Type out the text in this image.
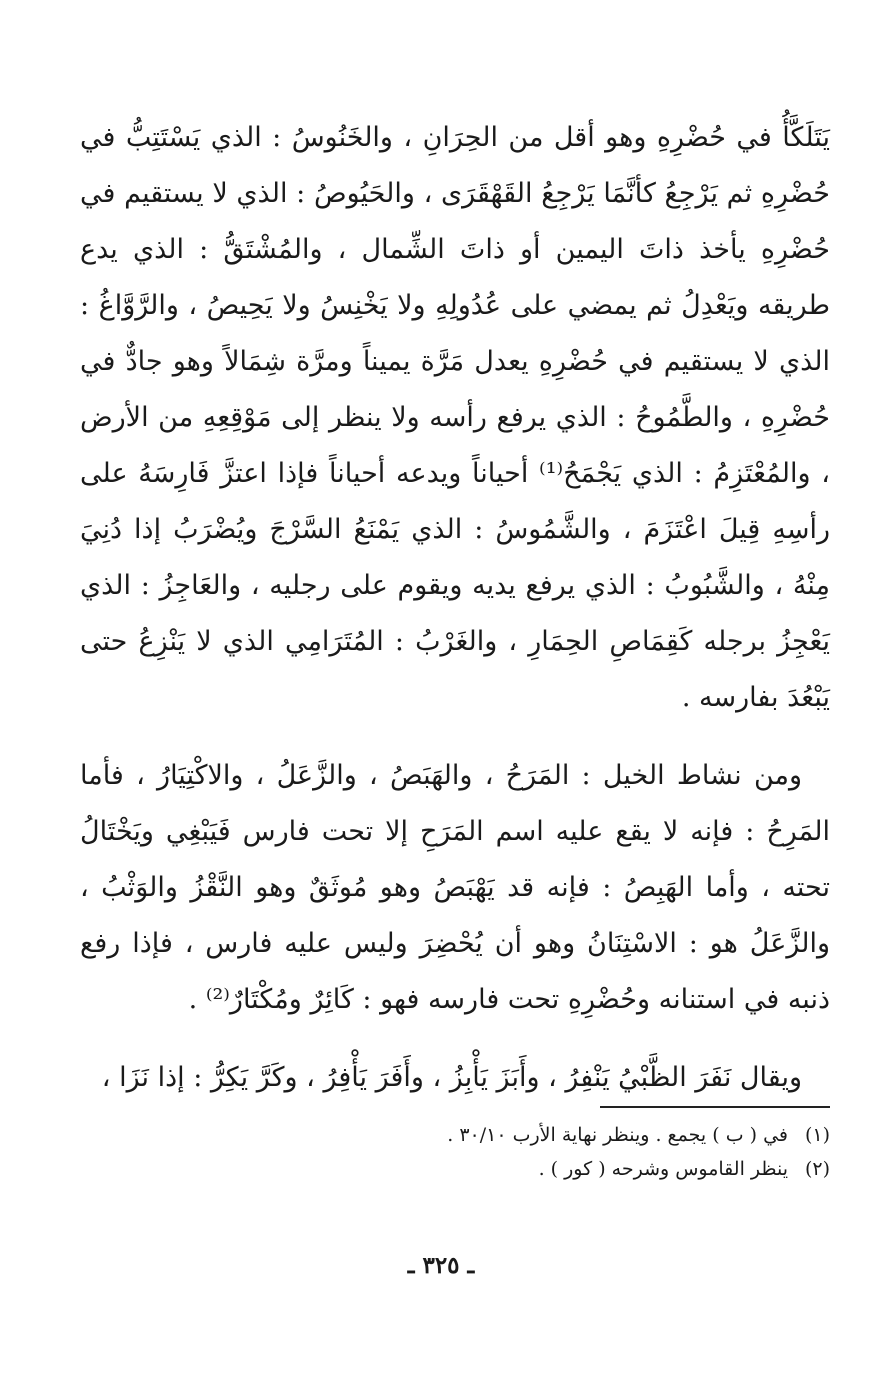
يَتَلَكَّأُ في حُضْرِهِ وهو أقل من الحِرَانِ ، والخَنُوسُ : الذي يَسْتَتِبُّ في حُضْرِهِ ثم يَرْجِعُ كأنَّمَا يَرْجِعُ القَهْقَرَى ، والحَيُوصُ : الذي لا يستقيم في حُضْرِهِ يأخذ ذاتَ اليمين أو ذاتَ الشِّمال ، والمُشْتَقُّ : الذي يدع طريقه ويَعْدِلُ ثم يمضي على عُدُولِهِ ولا يَخْنِسُ ولا يَحِيصُ ، والرَّوَّاغُ : الذي لا يستقيم في حُضْرِهِ يعدل مَرَّة يميناً ومرَّة شِمَالاً وهو جادٌّ في حُضْرِهِ ، والطَّمُوحُ : الذي يرفع رأسه ولا ينظر إلى مَوْقِعِهِ من الأرض ، والمُعْتَزِمُ : الذي يَجْمَحُ⁽¹⁾ أحياناً ويدعه أحياناً فإذا اعتزَّ فَارِسَهُ على رأسِهِ قِيلَ اعْتَزَمَ ، والشَّمُوسُ : الذي يَمْنَعُ السَّرْجَ ويُضْرَبُ إذا دُنِيَ مِنْهُ ، والشَّبُوبُ : الذي يرفع يديه ويقوم على رجليه ، والعَاجِزُ : الذي يَعْجِزُ برجله كَقِمَاصِ الحِمَارِ ، والغَرْبُ : المُتَرَامِي الذي لا يَنْزِعُ حتى يَبْعُدَ بفارسه .

ومن نشاط الخيل : المَرَحُ ، والهَبَصُ ، والزَّعَلُ ، والاكْتِيَارُ ، فأما المَرِحُ : فإنه لا يقع عليه اسم المَرَحِ إلا تحت فارس فَيَبْغِي ويَخْتَالُ تحته ، وأما الهَبِصُ : فإنه قد يَهْبَصُ وهو مُوثَقٌ وهو النَّقْزُ والوَثْبُ ، والزَّعَلُ هو : الاسْتِنَانُ وهو أن يُحْضِرَ وليس عليه فارس ، فإذا رفع ذنبه في استنانه وحُضْرِهِ تحت فارسه فهو : كَائِرٌ ومُكْتَارٌ⁽²⁾ .

ويقال نَفَرَ الظَّبْيُ يَنْفِرُ ، وأَبَزَ يَأْبِزُ ، وأَفَرَ يَأْفِرُ ، وكَرَّ يَكِرُّ : إذا نَزَا ،

(١)
في ( ب ) يجمع . وينظر نهاية الأرب ٣٠/١٠ .
(٢)
ينظر القاموس وشرحه ( كور ) .
ـ ٣٢٥ ـ
